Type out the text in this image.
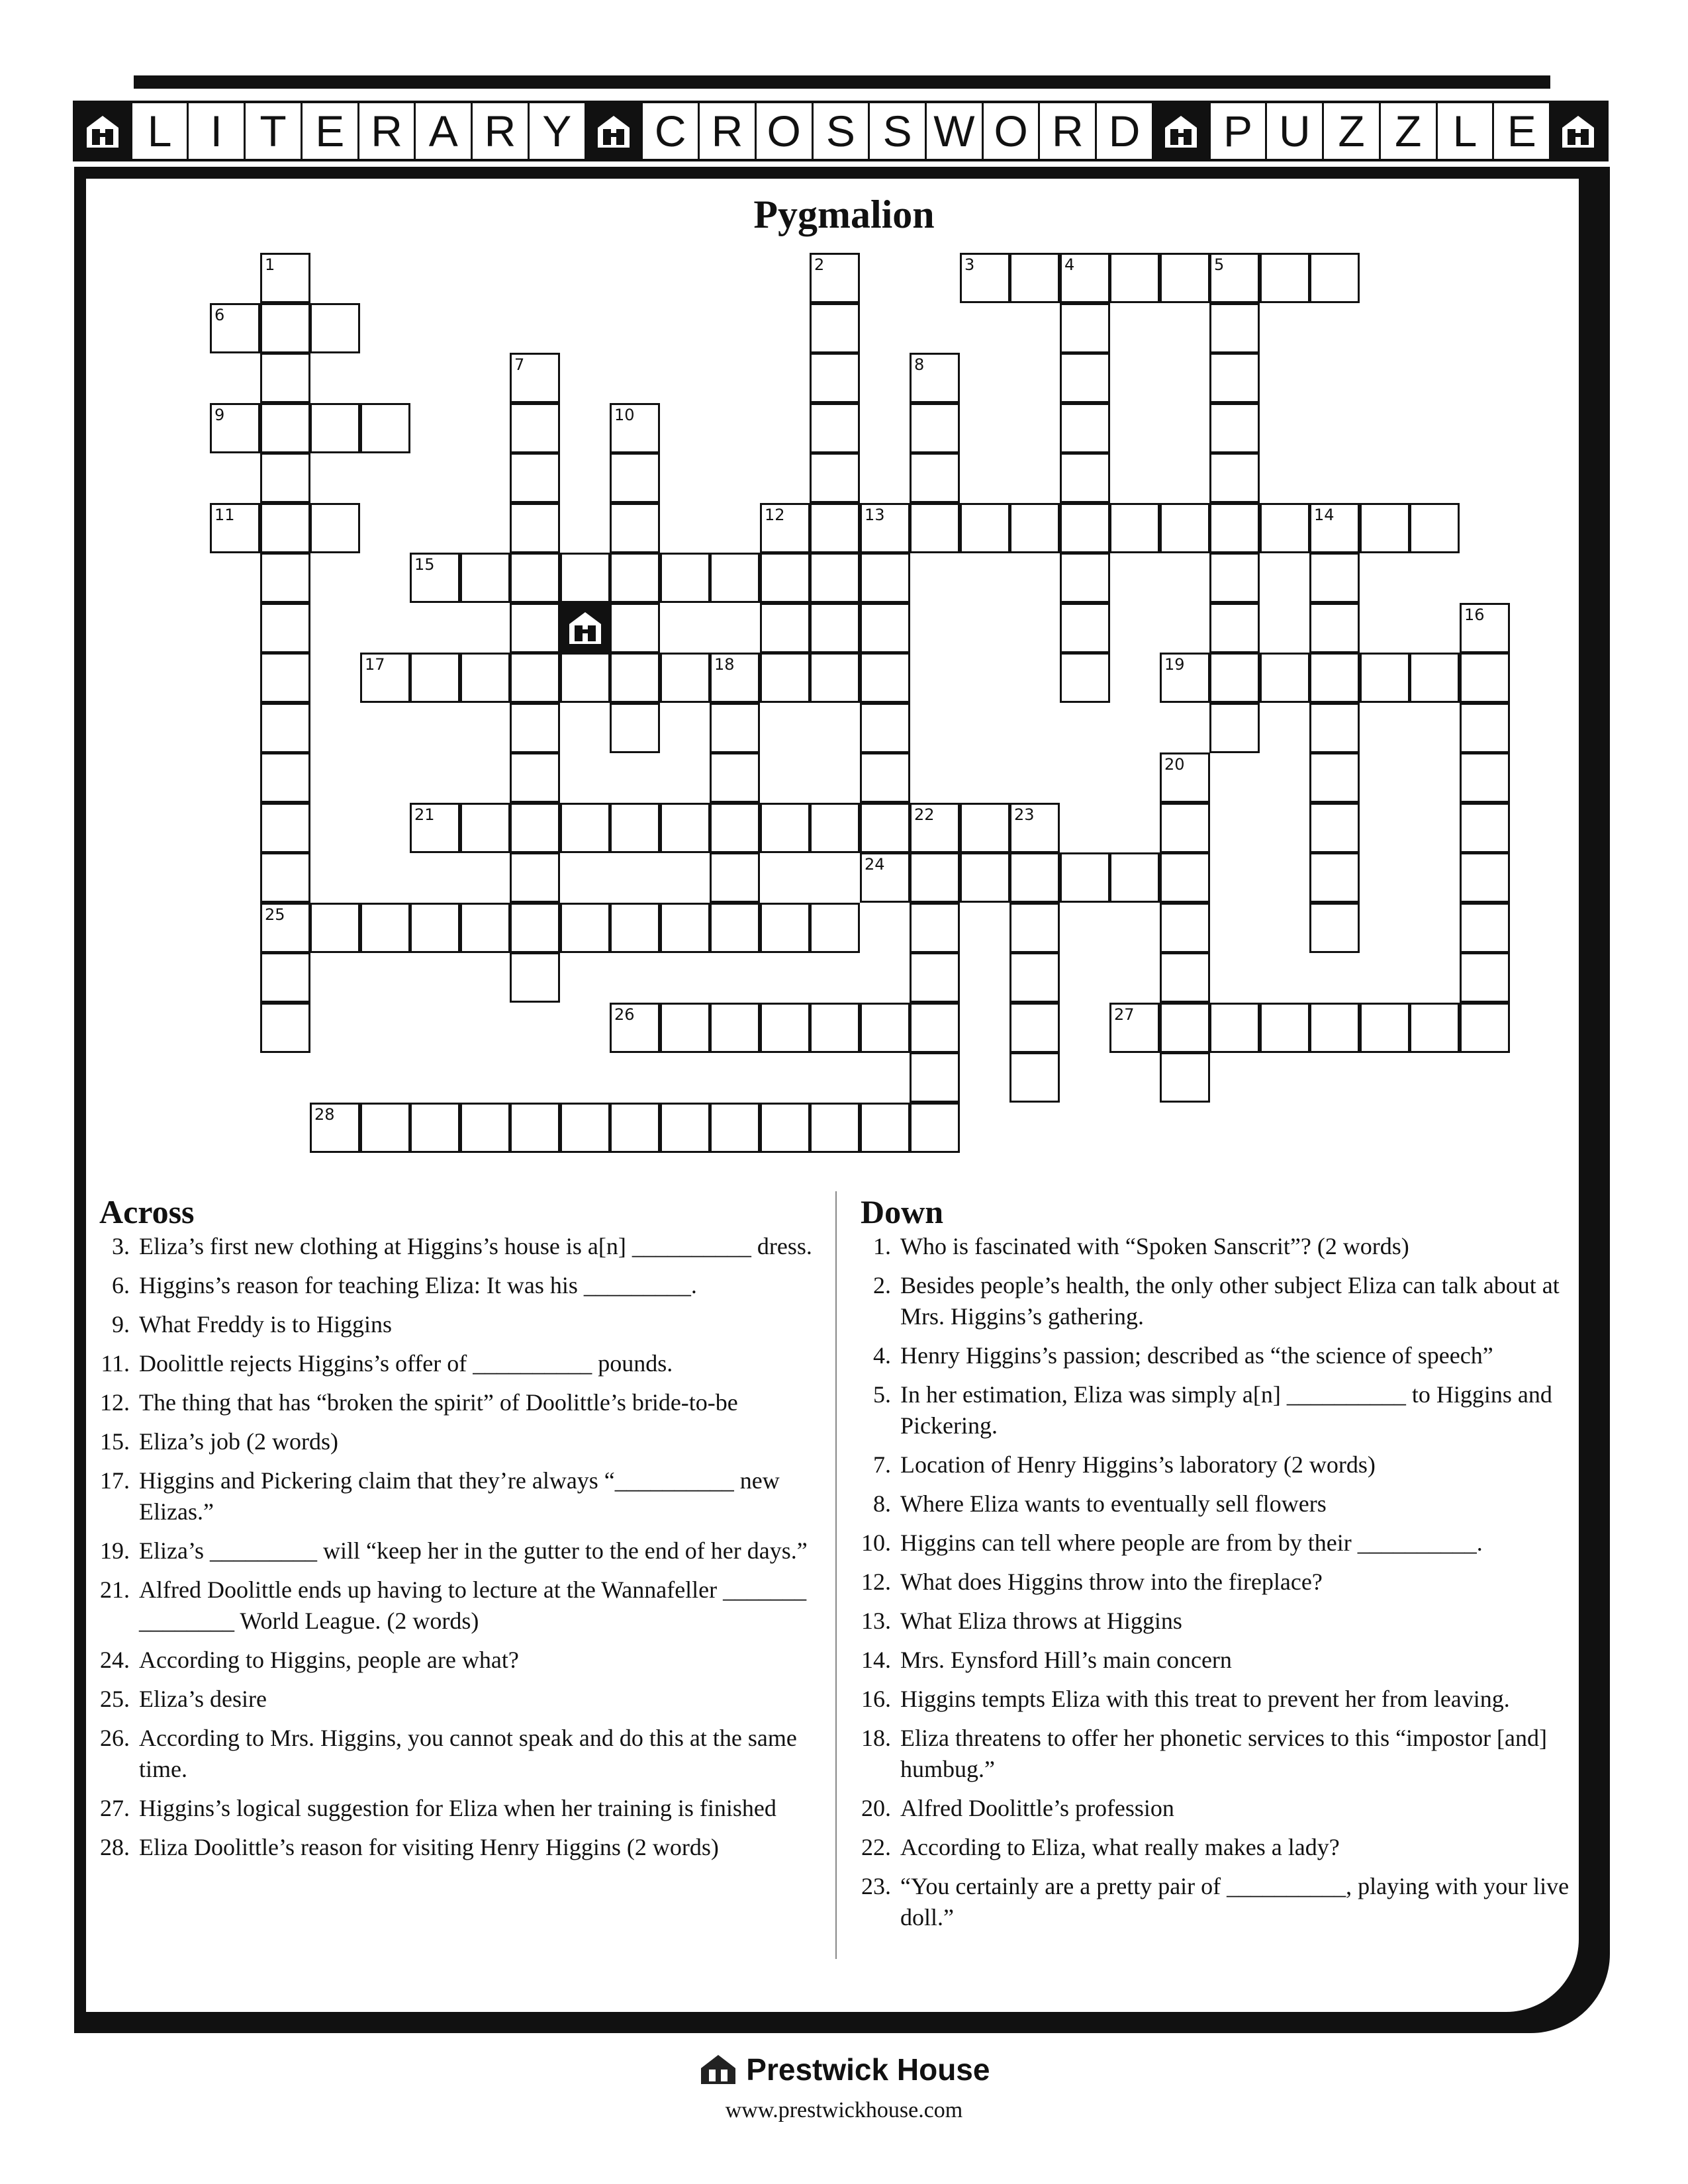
L I T E R A R Y C R O S S W O R D P U Z Z L E
Pygmalion
1
25
2	3	4	5
6
7	8
9	10
11	12	13
24
14
15
16
17	18	19
20
21	22	23
26	27
28
Across
3. Eliza’s first new clothing at Higgins’s house is a[n] __________ dress.
6. Higgins’s reason for teaching Eliza: It was his _________.
9. What Freddy is to Higgins
11. Doolittle rejects Higgins’s offer of __________ pounds.
12. The thing that has “broken the spirit” of Doolittle’s bride-to-be
15. Eliza’s job (2 words)
17. Higgins and Pickering claim that they’re always “__________ new Elizas.”
19. Eliza’s _________ will “keep her in the gutter to the end of her days.”
21. Alfred Doolittle ends up having to lecture at the Wannafeller _______ ________ World League. (2 words)
24. According to Higgins, people are what?
25. Eliza’s desire
26. According to Mrs. Higgins, you cannot speak and do this at the same time.
27. Higgins’s logical suggestion for Eliza when her training is finished
28. Eliza Doolittle’s reason for visiting Henry Higgins (2 words)
Down
1. Who is fascinated with “Spoken Sanscrit”? (2 words)
2. Besides people’s health, the only other subject Eliza can talk about at Mrs. Higgins’s gathering.
4. Henry Higgins’s passion; described as “the science of speech”
5. In her estimation, Eliza was simply a[n] __________ to Higgins and Pickering.
7. Location of Henry Higgins’s laboratory (2 words)
8. Where Eliza wants to eventually sell flowers
10. Higgins can tell where people are from by their __________.
12. What does Higgins throw into the fireplace?
13. What Eliza throws at Higgins
14. Mrs. Eynsford Hill’s main concern
16. Higgins tempts Eliza with this treat to prevent her from leaving.
18. Eliza threatens to offer her phonetic services to this “impostor [and] humbug.”
20. Alfred Doolittle’s profession
22. According to Eliza, what really makes a lady?
23. “You certainly are a pretty pair of __________, playing with your live doll.”
Prestwick House
www.prestwickhouse.com
